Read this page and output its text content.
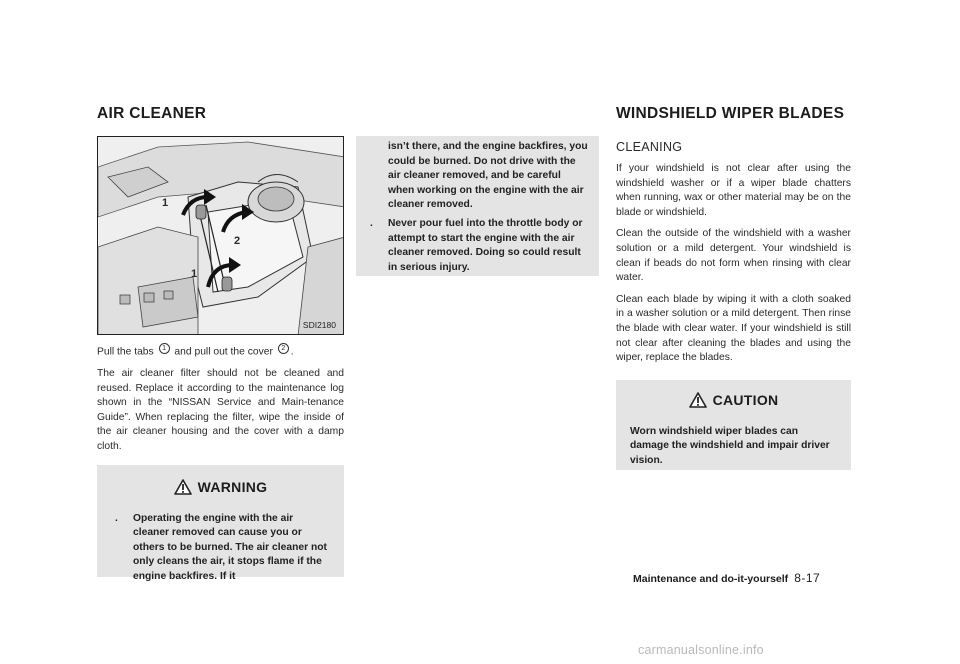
AIR CLEANER	WINDSHIELD WIPER BLADES
1
2
1
SDI2180

Pull the tabs 1 and pull out the cover 2 .

The air cleaner filter should not be cleaned and reused. Replace it according to the maintenance log shown in the “NISSAN Service and Main-tenance Guide”. When replacing the filter, wipe the inside of the air cleaner housing and the cover with a damp cloth.

WARNING
. Operating the engine with the air cleaner removed can cause you or others to be burned. The air cleaner not only cleans the air, it stops flame if the engine backfires. If it
isn’t there, and the engine backfires, you could be burned. Do not drive with the air cleaner removed, and be careful when working on the engine with the air cleaner removed.
. Never pour fuel into the throttle body or attempt to start the engine with the air cleaner removed. Doing so could result in serious injury.
CLEANING

If your windshield is not clear after using the windshield washer or if a wiper blade chatters when running, wax or other material may be on the blade or windshield.

Clean the outside of the windshield with a washer solution or a mild detergent. Your windshield is clean if beads do not form when rinsing with clear water.

Clean each blade by wiping it with a cloth soaked in a washer solution or a mild detergent. Then rinse the blade with clear water. If your windshield is still not clear after cleaning the blades and using the wiper, replace the blades.

CAUTION

Worn windshield wiper blades can damage the windshield and impair driver vision.

Maintenance and do-it-yourself 8-17
carmanualsonline.info
